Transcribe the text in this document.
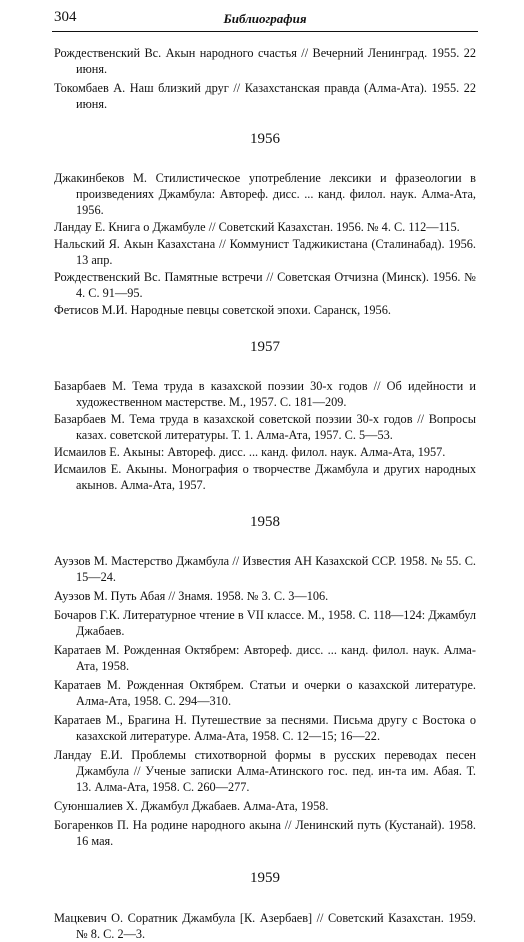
304	Библиография
Рождественский Вс. Акын народного счастья // Вечерний Ленинград. 1955. 22 июня.
Токомбаев А. Наш близкий друг // Казахстанская правда (Алма-Ата). 1955. 22 июня.
1956
Джакинбеков М. Стилистическое употребление лексики и фразеологии в произведениях Джамбула: Автореф. дисс. ... канд. филол. наук. Алма-Ата, 1956.
Ландау Е. Книга о Джамбуле // Советский Казахстан. 1956. № 4. С. 112—115.
Нальский Я. Акын Казахстана // Коммунист Таджикистана (Сталинабад). 1956. 13 апр.
Рождественский Вс. Памятные встречи // Советская Отчизна (Минск). 1956. № 4. С. 91—95.
Фетисов М.И. Народные певцы советской эпохи. Саранск, 1956.
1957
Базарбаев М. Тема труда в казахской поэзии 30-х годов // Об идейности и художественном мастерстве. М., 1957. С. 181—209.
Базарбаев М. Тема труда в казахской советской поэзии 30-х годов // Вопросы казах. советской литературы. Т. 1. Алма-Ата, 1957. С. 5—53.
Исмаилов Е. Акыны: Автореф. дисс. ... канд. филол. наук. Алма-Ата, 1957.
Исмаилов Е. Акыны. Монография о творчестве Джамбула и других народных акынов. Алма-Ата, 1957.
1958
Ауэзов М. Мастерство Джамбула // Известия АН Казахской ССР. 1958. № 55. С. 15—24.
Ауэзов М. Путь Абая // Знамя. 1958. № 3. С. 3—106.
Бочаров Г.К. Литературное чтение в VII классе. М., 1958. С. 118—124: Джамбул Джабаев.
Каратаев М. Рожденная Октябрем: Автореф. дисс. ... канд. филол. наук. Алма-Ата, 1958.
Каратаев М. Рожденная Октябрем. Статьи и очерки о казахской литературе. Алма-Ата, 1958. С. 294—310.
Каратаев М., Брагина Н. Путешествие за песнями. Письма другу с Востока о казахской литературе. Алма-Ата, 1958. С. 12—15; 16—22.
Ландау Е.И. Проблемы стихотворной формы в русских переводах песен Джамбула // Ученые записки Алма-Атинского гос. пед. ин-та им. Абая. Т. 13. Алма-Ата, 1958. С. 260—277.
Суюншалиев Х. Джамбул Джабаев. Алма-Ата, 1958.
Богаренков П. На родине народного акына // Ленинский путь (Кустанай). 1958. 16 мая.
1959
Мацкевич О. Соратник Джамбула [К. Азербаев] // Советский Казахстан. 1959. № 8. С. 2—3.
